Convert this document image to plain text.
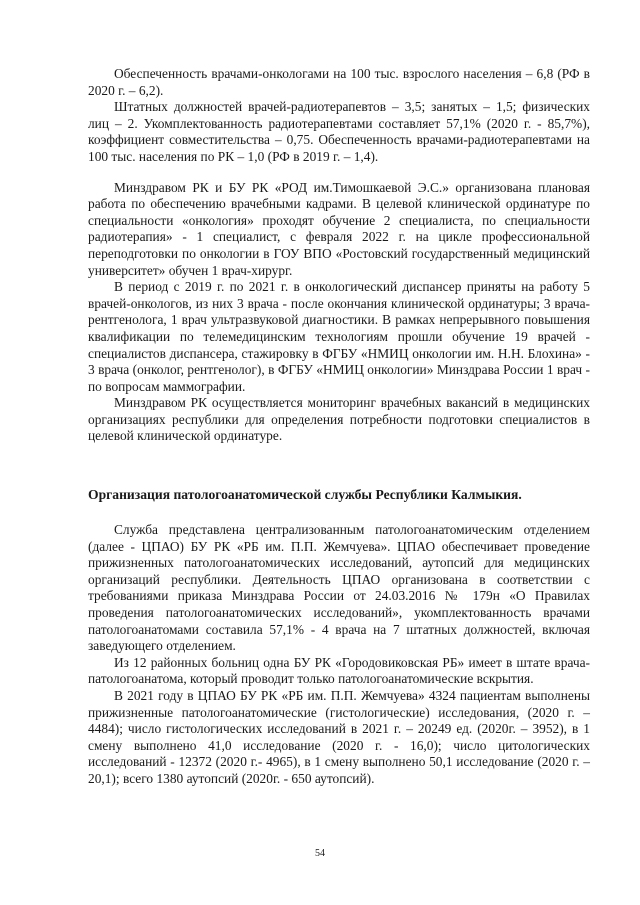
Обеспеченность врачами-онкологами на 100 тыс. взрослого населения – 6,8 (РФ в 2020 г. – 6,2).

Штатных должностей врачей-радиотерапевтов – 3,5; занятых – 1,5; физических лиц – 2. Укомплектованность радиотерапевтами составляет 57,1% (2020 г. - 85,7%), коэффициент совместительства – 0,75. Обеспеченность врачами-радиотерапевтами на 100 тыс. населения по РК – 1,0 (РФ в 2019 г. – 1,4).

Минздравом РК и БУ РК «РОД им.Тимошкаевой Э.С.» организована плановая работа по обеспечению врачебными кадрами. В целевой клинической ординатуре по специальности «онкология» проходят обучение 2 специалиста, по специальности радиотерапия» - 1 специалист, с февраля 2022 г. на цикле профессиональной переподготовки по онкологии в ГОУ ВПО «Ростовский государственный медицинский университет» обучен 1 врач-хирург.

В период с 2019 г. по 2021 г. в онкологический диспансер приняты на работу 5 врачей-онкологов, из них 3 врача - после окончания клинической ординатуры; 3 врача-рентгенолога, 1 врач ультразвуковой диагностики. В рамках непрерывного повышения квалификации по телемедицинским технологиям прошли обучение 19 врачей - специалистов диспансера, стажировку в ФГБУ «НМИЦ онкологии им. Н.Н. Блохина» - 3 врача (онколог, рентгенолог), в ФГБУ «НМИЦ онкологии» Минздрава России 1 врач - по вопросам маммографии.

Минздравом РК осуществляется мониторинг врачебных вакансий в медицинских организациях республики для определения потребности подготовки специалистов в целевой клинической ординатуре.

Организация патологоанатомической службы Республики Калмыкия.

Служба представлена централизованным патологоанатомическим отделением (далее - ЦПАО) БУ РК «РБ им. П.П. Жемчуева». ЦПАО обеспечивает проведение прижизненных патологоанатомических исследований, аутопсий для медицинских организаций республики. Деятельность ЦПАО организована в соответствии с требованиями приказа Минздрава России от 24.03.2016 № 179н «О Правилах проведения патологоанатомических исследований», укомплектованность врачами патологоанатомами составила 57,1% - 4 врача на 7 штатных должностей, включая заведующего отделением.

Из 12 районных больниц одна БУ РК «Городовиковская РБ» имеет в штате врача-патологоанатома, который проводит только патологоанатомические вскрытия.

В 2021 году в ЦПАО БУ РК «РБ им. П.П. Жемчуева» 4324 пациентам выполнены прижизненные патологоанатомические (гистологические) исследования, (2020 г. – 4484); число гистологических исследований в 2021 г. – 20249 ед. (2020г. – 3952), в 1 смену выполнено 41,0 исследование (2020 г. - 16,0); число цитологических исследований - 12372 (2020 г.- 4965), в 1 смену выполнено 50,1 исследование (2020 г. – 20,1); всего 1380 аутопсий (2020г. - 650 аутопсий).

54
